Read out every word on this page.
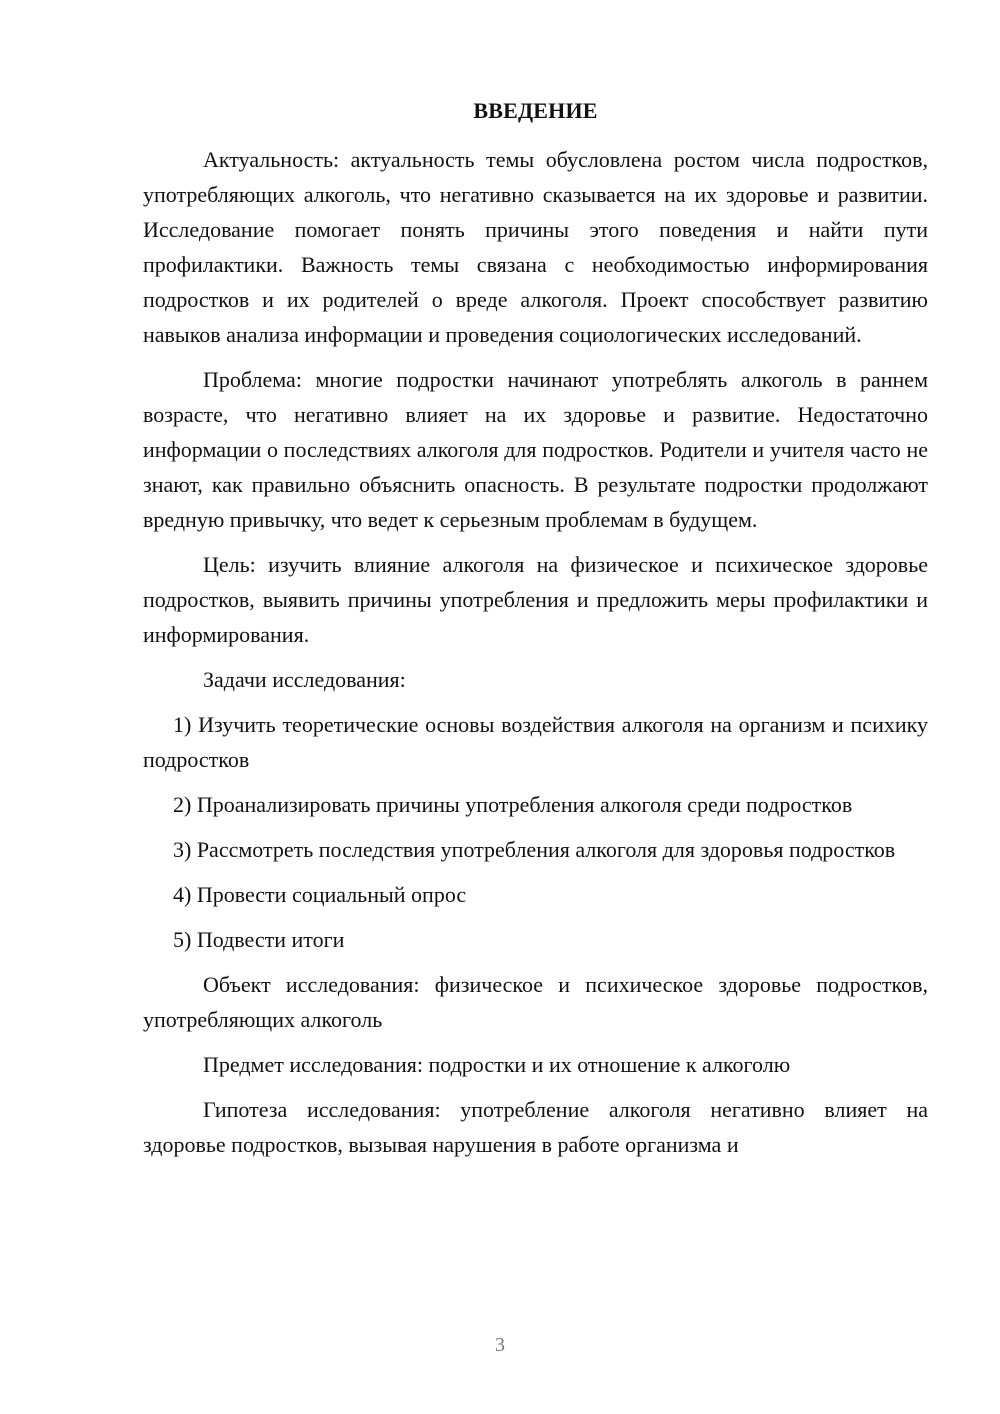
ВВЕДЕНИЕ

Актуальность: актуальность темы обусловлена ростом числа подростков, употребляющих алкоголь, что негативно сказывается на их здоровье и развитии. Исследование помогает понять причины этого поведения и найти пути профилактики. Важность темы связана с необходимостью информирования подростков и их родителей о вреде алкоголя. Проект способствует развитию навыков анализа информации и проведения социологических исследований.

Проблема: многие подростки начинают употреблять алкоголь в раннем возрасте, что негативно влияет на их здоровье и развитие. Недостаточно информации о последствиях алкоголя для подростков. Родители и учителя часто не знают, как правильно объяснить опасность. В результате подростки продолжают вредную привычку, что ведет к серьезным проблемам в будущем.

Цель: изучить влияние алкоголя на физическое и психическое здоровье подростков, выявить причины употребления и предложить меры профилактики и информирования.

Задачи исследования:

1) Изучить теоретические основы воздействия алкоголя на организм и психику подростков

2) Проанализировать причины употребления алкоголя среди подростков

3) Рассмотреть последствия употребления алкоголя для здоровья подростков

4) Провести социальный опрос

5) Подвести итоги

Объект исследования: физическое и психическое здоровье подростков, употребляющих алкоголь

Предмет исследования: подростки и их отношение к алкоголю

Гипотеза исследования: употребление алкоголя негативно влияет на здоровье подростков, вызывая нарушения в работе организма и

3
